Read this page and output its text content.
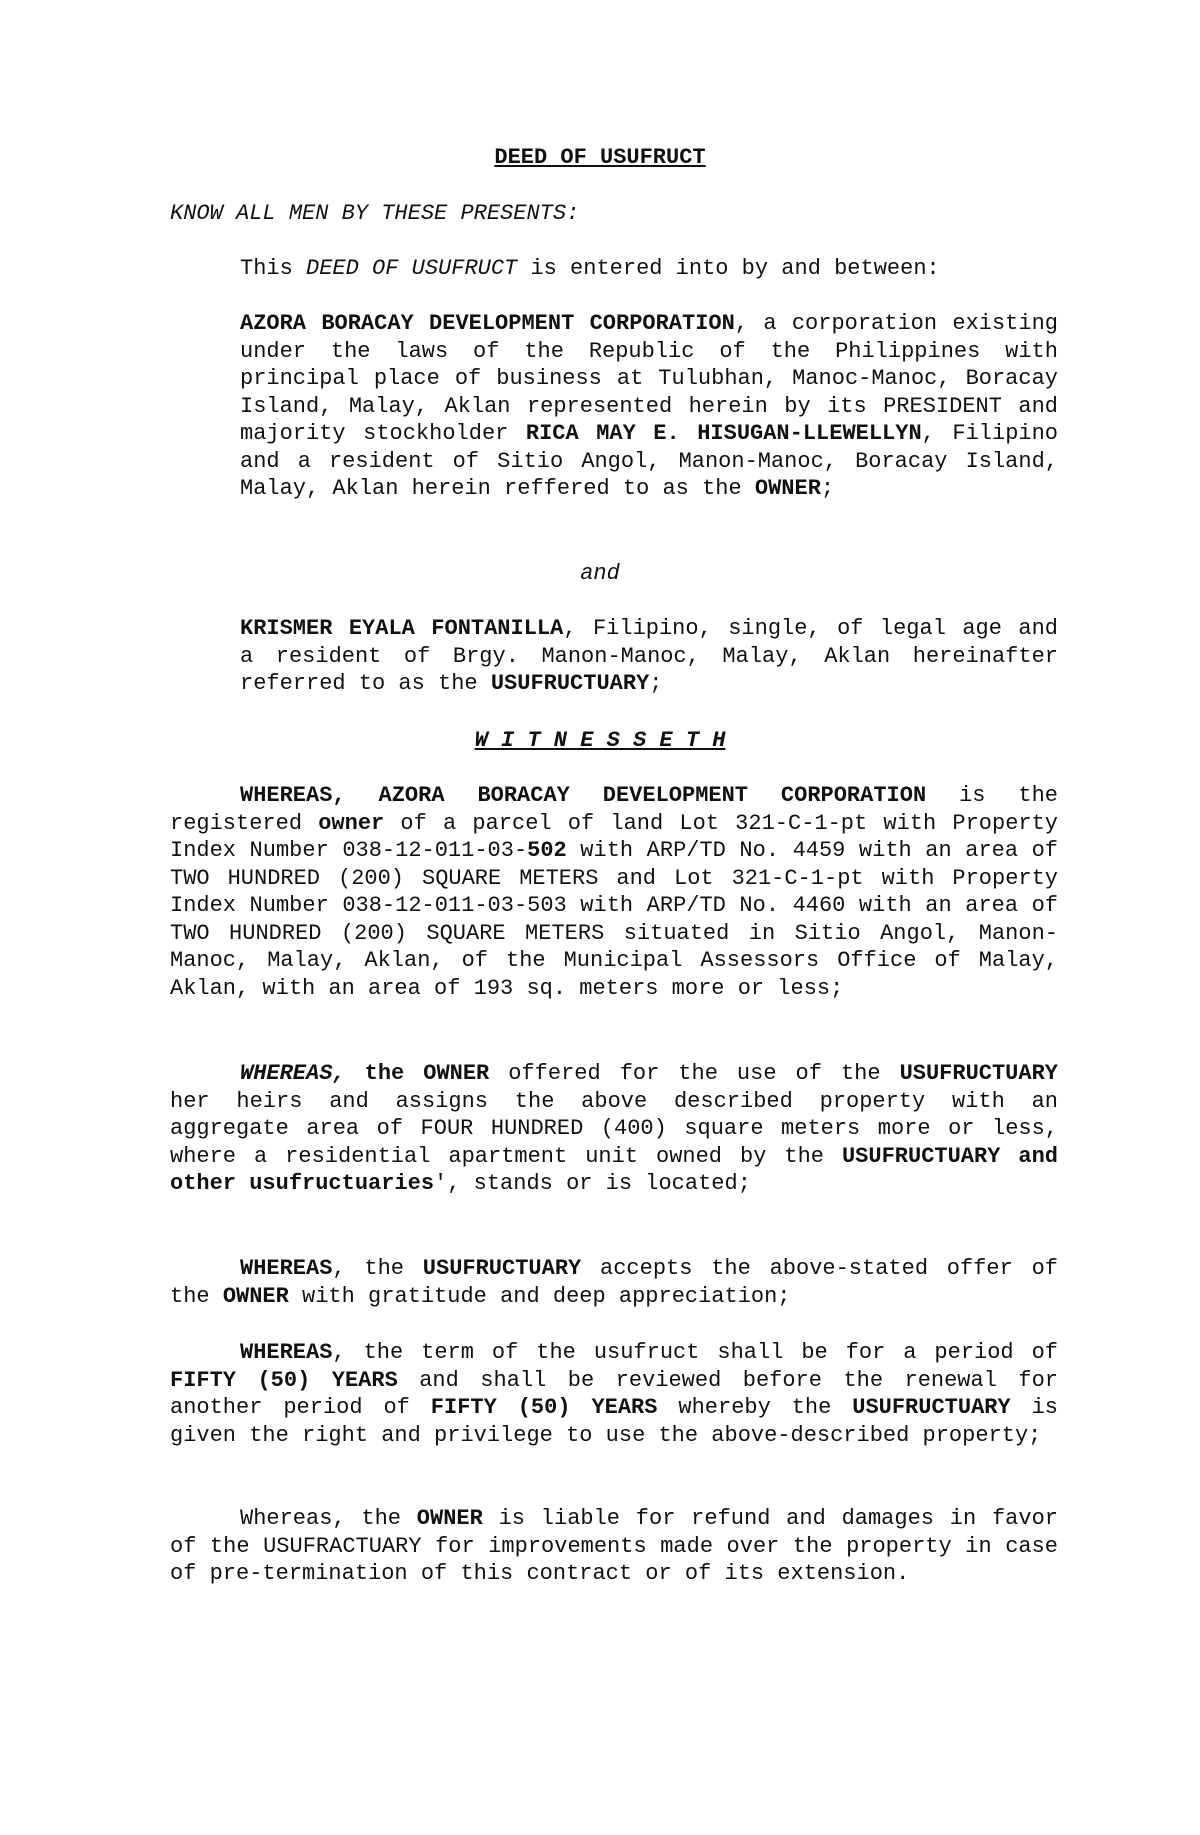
DEED OF USUFRUCT

KNOW ALL MEN BY THESE PRESENTS:

This DEED OF USUFRUCT is entered into by and between:

AZORA BORACAY DEVELOPMENT CORPORATION, a corporation existing under the laws of the Republic of the Philippines with principal place of business at Tulubhan, Manoc-Manoc, Boracay Island, Malay, Aklan represented herein by its PRESIDENT and majority stockholder RICA MAY E. HISUGAN-LLEWELLYN, Filipino and a resident of Sitio Angol, Manon-Manoc, Boracay Island, Malay, Aklan herein reffered to as the OWNER;

and

KRISMER EYALA FONTANILLA, Filipino, single, of legal age and a resident of Brgy. Manon-Manoc, Malay, Aklan hereinafter referred to as the USUFRUCTUARY;

W I T N E S S E T H

WHEREAS, AZORA BORACAY DEVELOPMENT CORPORATION is the registered owner of a parcel of land Lot 321-C-1-pt with Property Index Number 038-12-011-03-502 with ARP/TD No. 4459 with an area of TWO HUNDRED (200) SQUARE METERS and Lot 321-C-1-pt with Property Index Number 038-12-011-03-503 with ARP/TD No. 4460 with an area of TWO HUNDRED (200) SQUARE METERS situated in Sitio Angol, Manon-Manoc, Malay, Aklan, of the Municipal Assessors Office of Malay, Aklan, with an area of 193 sq. meters more or less;

WHEREAS, the OWNER offered for the use of the USUFRUCTUARY her heirs and assigns the above described property with an aggregate area of FOUR HUNDRED (400) square meters more or less, where a residential apartment unit owned by the USUFRUCTUARY and other usufructuaries', stands or is located;

WHEREAS, the USUFRUCTUARY accepts the above-stated offer of the OWNER with gratitude and deep appreciation;

WHEREAS, the term of the usufruct shall be for a period of FIFTY (50) YEARS and shall be reviewed before the renewal for another period of FIFTY (50) YEARS whereby the USUFRUCTUARY is given the right and privilege to use the above-described property;

Whereas, the OWNER is liable for refund and damages in favor of the USUFRACTUARY for improvements made over the property in case of pre-termination of this contract or of its extension.
